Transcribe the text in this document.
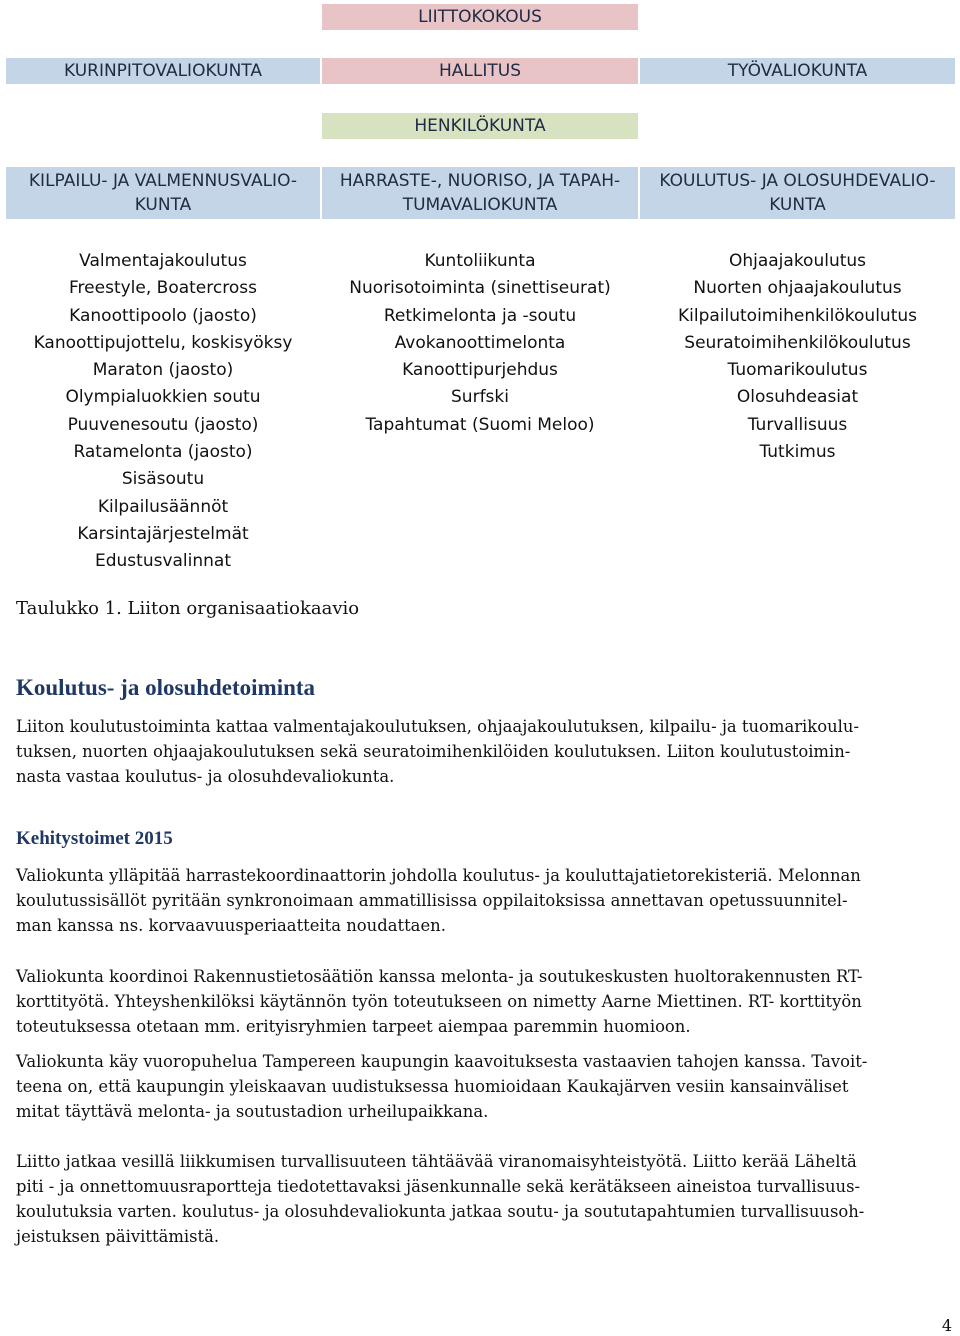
LIITTOKOKOUS
KURINPITOVALIOKUNTA	HALLITUS	TYÖVALIOKUNTA
HENKILÖKUNTA
KILPAILU- JA VALMENNUSVALIO-
KUNTA
HARRASTE-, NUORISO, JA TAPAH-
TUMAVALIOKUNTA
KOULUTUS- JA OLOSUHDEVALIO-
KUNTA
Valmentajakoulutus
Freestyle, Boatercross
Kanoottipoolo (jaosto)
Kanoottipujottelu, koskisyöksy
Maraton (jaosto)
Olympialuokkien soutu
Puuvenesoutu (jaosto)
Ratamelonta (jaosto)
Sisäsoutu
Kilpailusäännöt
Karsintajärjestelmät
Edustusvalinnat
Kuntoliikunta
Nuorisotoiminta (sinettiseurat)
Retkimelonta ja -soutu
Avokanoottimelonta
Kanoottipurjehdus
Surfski
Tapahtumat (Suomi Meloo)
Ohjaajakoulutus
Nuorten ohjaajakoulutus
Kilpailutoimihenkilökoulutus
Seuratoimihenkilökoulutus
Tuomarikoulutus
Olosuhdeasiat
Turvallisuus
Tutkimus
Taulukko 1. Liiton organisaatiokaavio
Koulutus- ja olosuhdetoiminta
Liiton koulutustoiminta kattaa valmentajakoulutuksen, ohjaajakoulutuksen, kilpailu- ja tuomarikoulu-
tuksen, nuorten ohjaajakoulutuksen sekä seuratoimihenkilöiden koulutuksen. Liiton koulutustoimin-
nasta vastaa koulutus- ja olosuhdevaliokunta.
Kehitystoimet 2015
Valiokunta ylläpitää harrastekoordinaattorin johdolla koulutus- ja kouluttajatietorekisteriä. Melonnan
koulutussisällöt pyritään synkronoimaan ammatillisissa oppilaitoksissa annettavan opetussuunnitel-
man kanssa ns. korvaavuusperiaatteita noudattaen.
Valiokunta koordinoi Rakennustietosäätiön kanssa melonta- ja soutukeskusten huoltorakennusten RT-
korttityötä. Yhteyshenkilöksi käytännön työn toteutukseen on nimetty Aarne Miettinen. RT- korttityön
toteutuksessa otetaan mm. erityisryhmien tarpeet aiempaa paremmin huomioon.
Valiokunta käy vuoropuhelua Tampereen kaupungin kaavoituksesta vastaavien tahojen kanssa. Tavoit-
teena on, että kaupungin yleiskaavan uudistuksessa huomioidaan Kaukajärven vesiin kansainväliset
mitat täyttävä melonta- ja soutustadion urheilupaikkana.
Liitto jatkaa vesillä liikkumisen turvallisuuteen tähtäävää viranomaisyhteistyötä. Liitto kerää Läheltä
piti - ja onnettomuusraportteja tiedotettavaksi jäsenkunnalle sekä kerätäkseen aineistoa turvallisuus-
koulutuksia varten. koulutus- ja olosuhdevaliokunta jatkaa soutu- ja soututapahtumien turvallisuusoh-
jeistuksen päivittämistä.
4
